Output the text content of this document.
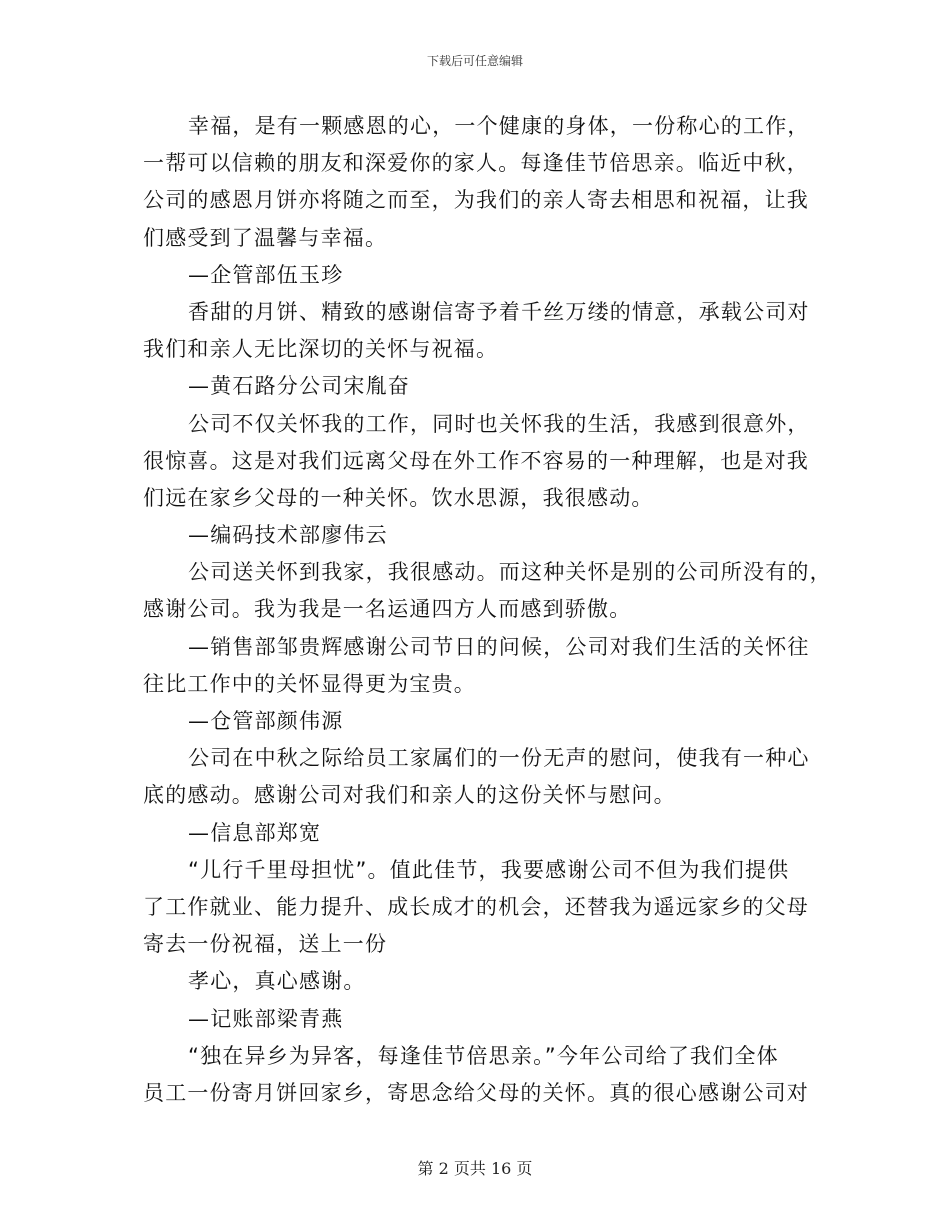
下载后可任意编辑
幸福，是有一颗感恩的心，一个健康的身体，一份称心的工作，
一帮可以信赖的朋友和深爱你的家人。每逢佳节倍思亲。临近中秋，
公司的感恩月饼亦将随之而至，为我们的亲人寄去相思和祝福，让我
们感受到了温馨与幸福。
—企管部伍玉珍
香甜的月饼、精致的感谢信寄予着千丝万缕的情意，承载公司对
我们和亲人无比深切的关怀与祝福。
—黄石路分公司宋胤奋
公司不仅关怀我的工作，同时也关怀我的生活，我感到很意外，
很惊喜。这是对我们远离父母在外工作不容易的一种理解，也是对我
们远在家乡父母的一种关怀。饮水思源，我很感动。
—编码技术部廖伟云
公司送关怀到我家，我很感动。而这种关怀是别的公司所没有的，
感谢公司。我为我是一名运通四方人而感到骄傲。
—销售部邹贵辉感谢公司节日的问候，公司对我们生活的关怀往
往比工作中的关怀显得更为宝贵。
—仓管部颜伟源
公司在中秋之际给员工家属们的一份无声的慰问，使我有一种心
底的感动。感谢公司对我们和亲人的这份关怀与慰问。
—信息部郑宽
“儿行千里母担忧”。值此佳节，我要感谢公司不但为我们提供
了工作就业、能力提升、成长成才的机会，还替我为遥远家乡的父母
寄去一份祝福，送上一份
孝心，真心感谢。
—记账部梁青燕
“独在异乡为异客，每逢佳节倍思亲。”今年公司给了我们全体
员工一份寄月饼回家乡，寄思念给父母的关怀。真的很心感谢公司对
第 2 页共 16 页
